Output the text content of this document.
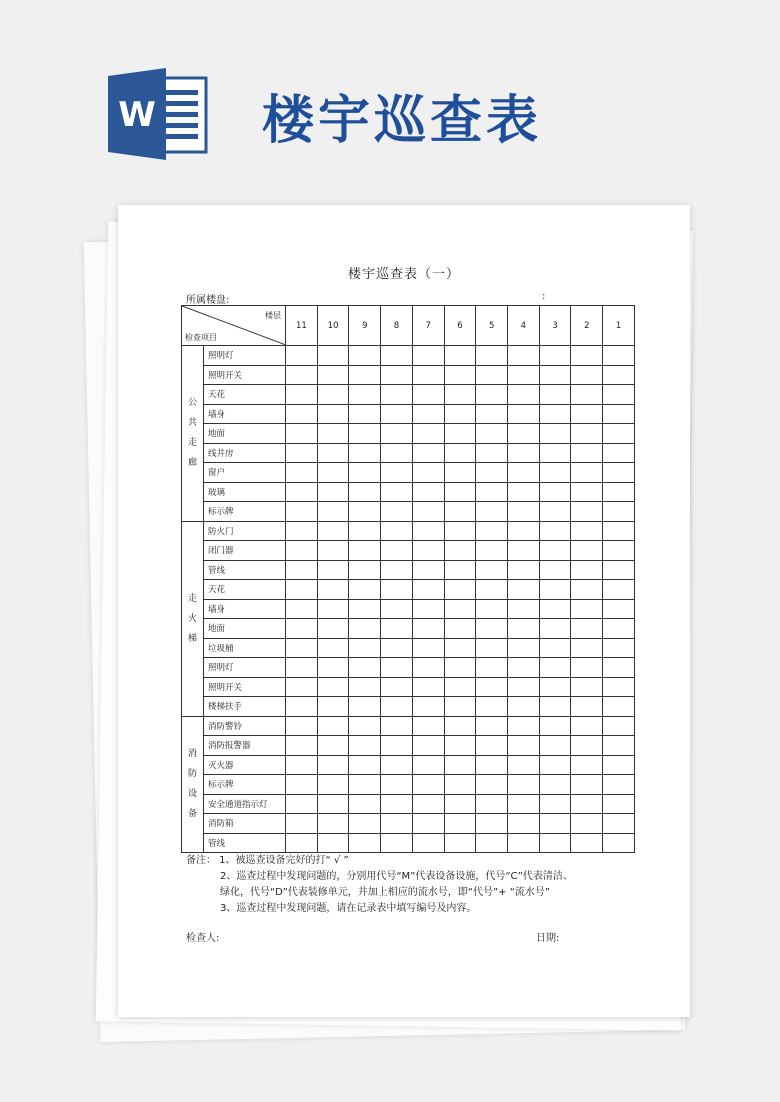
W 楼宇巡查表
楼宇巡查表（一）
所属楼盘:	:
楼层
检查项目		11	10	9	8	7	6	5	4	3	2	1

公
共
走
廊	照明灯											
	照明开关											
	天花											
	墙身											
	地面											
	线井房											
	窗户											
	玻璃											
	标示牌											

走
火
梯	防火门											
	闭门器											
	管线											
	天花											
	墙身											
	地面											
	垃圾桶											
	照明灯											
	照明开关											
	楼梯扶手											

消
防
设
备	消防警铃											
	消防报警器											
	灭火器											
	标示牌											
	安全通道指示灯											
	消防箱											
	管线											
备注： 1、被巡查设备完好的打“ √ ”
2、巡查过程中发现问题的，分别用代号“M”代表设备设施，代号“C”代表清洁、
绿化，代号“D”代表装修单元，并加上相应的流水号，即“代号”+ “流水号”
3、巡查过程中发现问题，请在记录表中填写编号及内容。
检查人:	日期:
